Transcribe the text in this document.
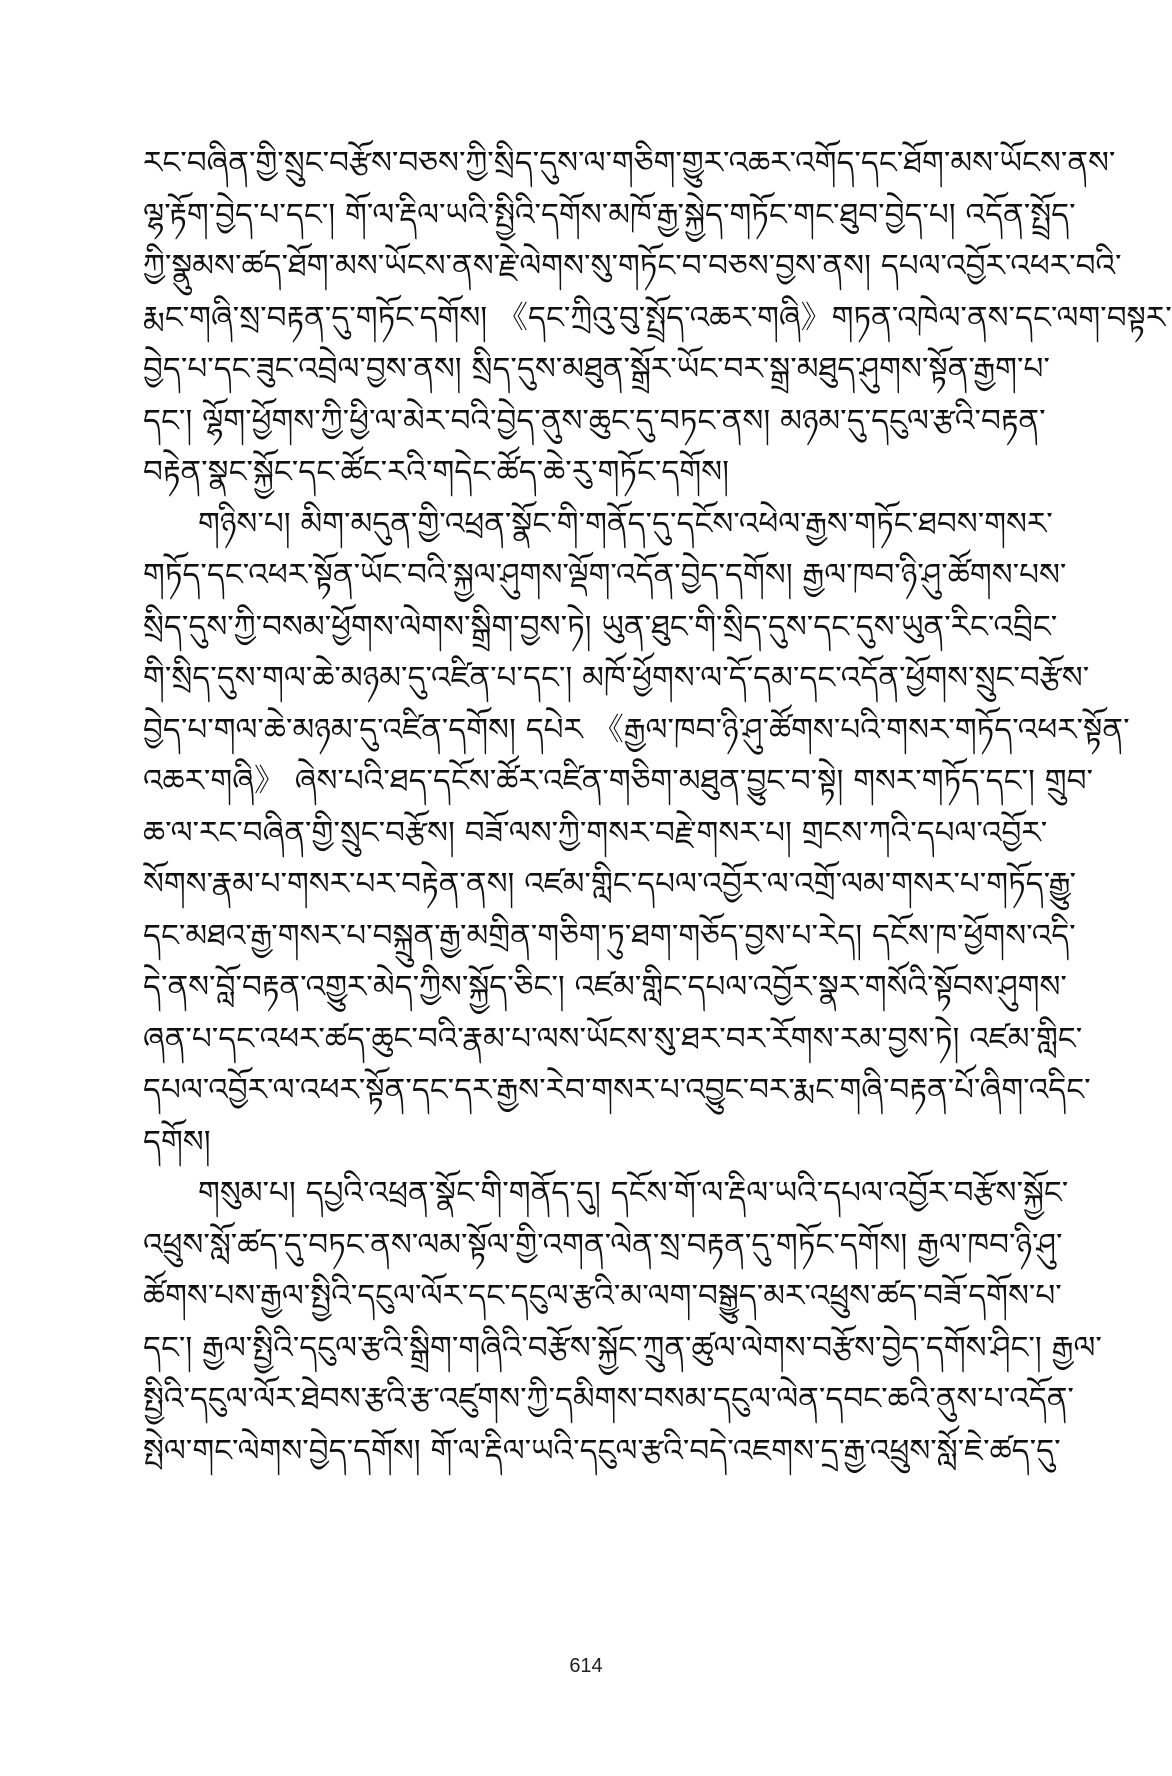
རང་བཞིན་གྱི་སྲུང་བརྩོས་བཅས་ཀྱི་སྲིད་དུས་ལ་གཅིག་གྱུར་འཆར་འགོད་དང་ཐོག་མས་ཡོངས་ནས་
ལྷ་རྟོག་བྱེད་པ་དང་། གོ་ལ་རྡིལ་ཡའི་སྤྱིའི་དགོས་མཁོ་རྒྱ་སྐྱེད་གཏོང་གང་ཐུབ་བྱེད་པ། འདོན་སྤྲོད་
ཀྱི་སྣུམས་ཚད་ཐོག་མས་ཡོངས་ནས་རྗེ་ལེགས་སུ་གཏོང་བ་བཅས་བྱས་ནས། དཔལ་འབྱོར་འཕར་བའི་
རྨང་གཞི་སྲ་བརྟན་དུ་གཏོང་དགོས། 《དང་ཀྲིའུ་བུ་སྤྲོད་འཆར་གཞི》གཏན་འཁེལ་ནས་དང་ལག་བསྟར་
བྱེད་པ་དང་ཟུང་འབྲེལ་བྱས་ནས། སྲིད་དུས་མཐུན་སྒྲོར་ཡོང་བར་སྒྲ་མཐུད་ཤུགས་སྟོན་རྒྱག་པ་
དང་། ལྷོག་ཕྱོགས་ཀྱི་ཕྱི་ལ་མེར་བའི་བྱེད་ནུས་ཆུང་དུ་བཏང་ནས། མཉམ་དུ་དངུལ་རྩའི་བརྟན་
བརྟེན་སྣང་སྐྱོང་དང་ཚོང་རའི་གདེང་ཚོད་ཆེ་རུ་གཏོང་དགོས།
གཉིས་པ། མིག་མདུན་གྱི་འཕྲན་སྣོང་གི་གནོད་དུ་དངོས་འཕེལ་རྒྱས་གཏོང་ཐབས་གསར་
གཏོད་དང་འཕར་སྟོན་ཡོང་བའི་སྐྱལ་ཤུགས་ལྡོག་འདོན་བྱེད་དགོས། རྒྱལ་ཁབ་ཉི་ཤུ་ཚོགས་པས་
སྲིད་དུས་ཀྱི་བསམ་ཕྱོགས་ལེགས་སྒྲིག་བྱས་ཏེ། ཡུན་ཐུང་གི་སྲིད་དུས་དང་དུས་ཡུན་རིང་འབྲིང་
གི་སྲིད་དུས་གལ་ཆེ་མཉམ་དུ་འཛིན་པ་དང་། མཁོ་ཕྱོགས་ལ་དོ་དམ་དང་འདོན་ཕྱོགས་སྲུང་བརྩོས་
བྱེད་པ་གལ་ཆེ་མཉམ་དུ་འཛིན་དགོས། དཔེར 《རྒྱལ་ཁབ་ཉི་ཤུ་ཚོགས་པའི་གསར་གཏོད་འཕར་སྟོན་
འཆར་གཞི》 ཞེས་པའི་ཐད་དངོས་ཚོར་འཛིན་གཅིག་མཐུན་བྱུང་བ་སྟེ། གསར་གཏོད་དང་། གྲུབ་
ཆ་ལ་རང་བཞིན་གྱི་སྲུང་བརྩོས། བཟོ་ལས་ཀྱི་གསར་བརྗེ་གསར་པ། གྲངས་ཀའི་དཔལ་འབྱོར་
སོགས་རྣམ་པ་གསར་པར་བརྟེན་ནས། འཛམ་གླིང་དཔལ་འབྱོར་ལ་འགྲོ་ལམ་གསར་པ་གཏོད་རྒྱུ་
དང་མཐའ་རྒྱ་གསར་པ་བསྐྲུན་རྒྱ་མགྲིན་གཅིག་ཏུ་ཐག་གཅོད་བྱས་པ་རེད། དངོས་ཁ་ཕྱོགས་འདི་
དེ་ནས་བློ་བརྟན་འགྱུར་མེད་ཀྱིས་སྐྱོད་ཅིང་། འཛམ་གླིང་དཔལ་འབྱོར་སྣར་གསོའི་སྟོབས་ཤུགས་
ཞན་པ་དང་འཕར་ཚད་ཆུང་བའི་རྣམ་པ་ལས་ཡོངས་སུ་ཐར་བར་རོགས་རམ་བྱས་ཏེ། འཛམ་གླིང་
དཔལ་འབྱོར་ལ་འཕར་སྟོན་དང་དར་རྒྱས་རེབ་གསར་པ་འབྱུང་བར་རྨང་གཞི་བརྟན་པོ་ཞིག་འདིང་
དགོས།
གསུམ་པ། དཔྱའི་འཕྲན་སྣོང་གི་གནོད་དུ། དངོས་གོ་ལ་རྡིལ་ཡའི་དཔལ་འབྱོར་བརྩོས་སྐྱོང་
འཕྲུས་སློ་ཚད་དུ་བཏང་ནས་ལམ་སྟོལ་གྱི་འགན་ལེན་སྲ་བརྟན་དུ་གཏོང་དགོས། རྒྱལ་ཁབ་ཉི་ཤུ་
ཚོགས་པས་རྒྱལ་སྤྱིའི་དངུལ་ལོར་དང་དངུལ་རྩའི་མ་ལག་བསྒྱུད་མར་འཕྲུས་ཚད་བཟོ་དགོས་པ་
དང་། རྒྱལ་སྤྱིའི་དངུལ་རྩའི་སྒྲིག་གཞིའི་བརྩོས་སྐྱོང་ཀྲུན་ཚུལ་ལེགས་བརྩོས་བྱེད་དགོས་ཤིང་། རྒྱལ་
སྤྱིའི་དངུལ་ལོར་ཐེབས་རྩའི་རྩ་འཛུགས་ཀྱི་དམིགས་བསམ་དངུལ་ལེན་དབང་ཆའི་ནུས་པ་འདོན་
སྤེལ་གང་ལེགས་བྱེད་དགོས། གོ་ལ་རྡིལ་ཡའི་དངུལ་རྩའི་བདེ་འཇགས་དྲ་རྒྱ་འཕྲུས་སློ་ཇེ་ཚད་དུ་
614
